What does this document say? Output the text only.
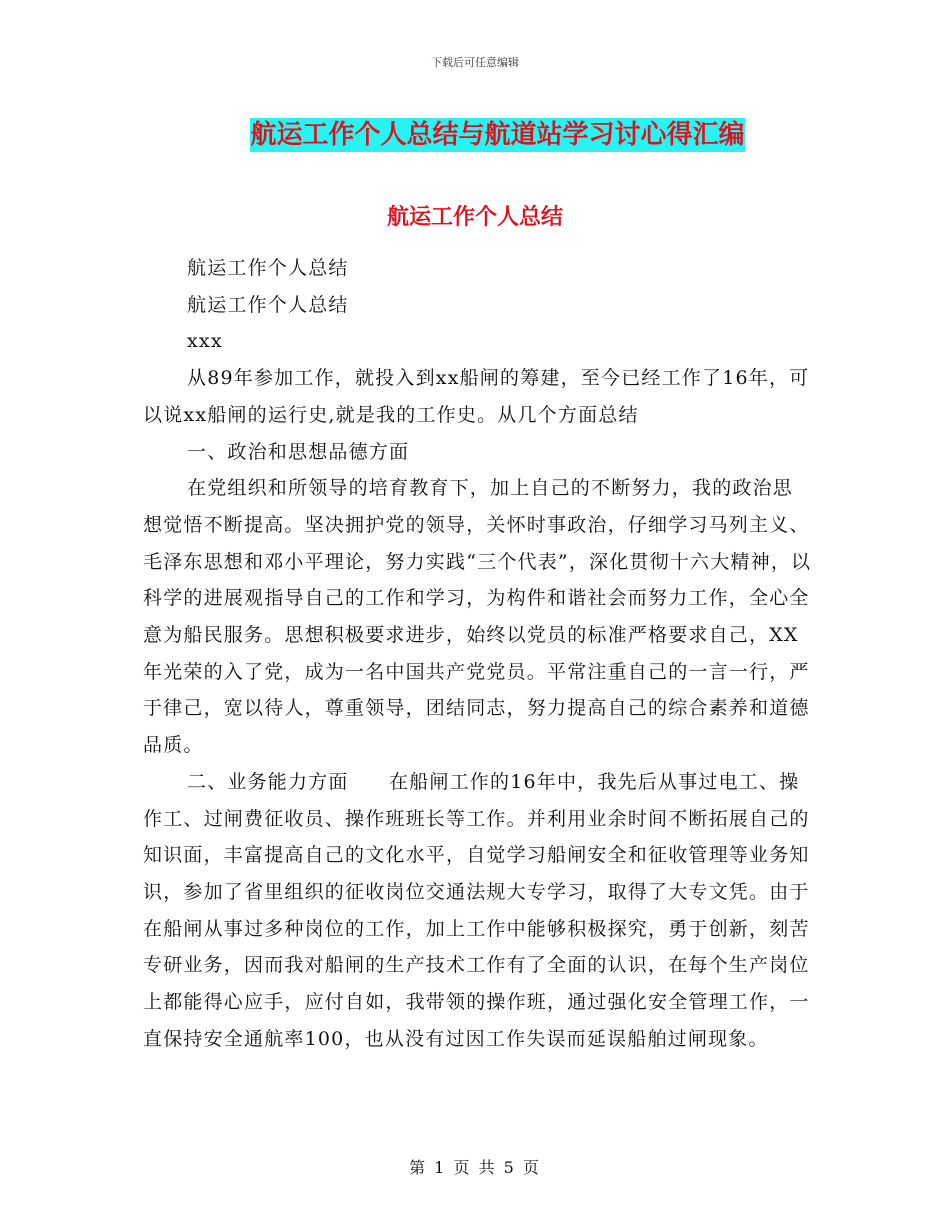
下载后可任意编辑
航运工作个人总结与航道站学习讨心得汇编
航运工作个人总结

航运工作个人总结

航运工作个人总结

xxx

从89年参加工作，就投入到xx船闸的筹建，至今已经工作了16年，可以说xx船闸的运行史,就是我的工作史。从几个方面总结

一、政治和思想品德方面

在党组织和所领导的培育教育下，加上自己的不断努力，我的政治思想觉悟不断提高。坚决拥护党的领导，关怀时事政治，仔细学习马列主义、毛泽东思想和邓小平理论，努力实践“三个代表”，深化贯彻十六大精神，以科学的进展观指导自己的工作和学习，为构件和谐社会而努力工作，全心全意为船民服务。思想积极要求进步，始终以党员的标准严格要求自己，XX年光荣的入了党，成为一名中国共产党党员。平常注重自己的一言一行，严于律己，宽以待人，尊重领导，团结同志，努力提高自己的综合素养和道德品质。

二、业务能力方面　　在船闸工作的16年中，我先后从事过电工、操作工、过闸费征收员、操作班班长等工作。并利用业余时间不断拓展自己的知识面，丰富提高自己的文化水平，自觉学习船闸安全和征收管理等业务知识，参加了省里组织的征收岗位交通法规大专学习，取得了大专文凭。由于在船闸从事过多种岗位的工作，加上工作中能够积极探究，勇于创新，刻苦专研业务，因而我对船闸的生产技术工作有了全面的认识，在每个生产岗位上都能得心应手，应付自如，我带领的操作班，通过强化安全管理工作，一直保持安全通航率100，也从没有过因工作失误而延误船舶过闸现象。

第 1 页 共 5 页
